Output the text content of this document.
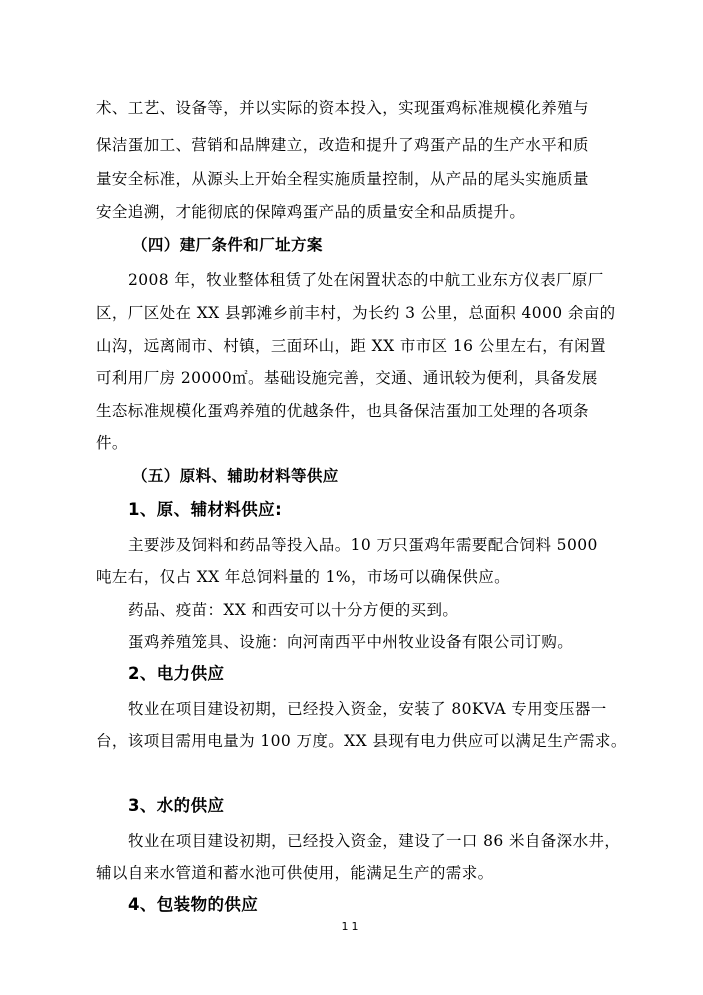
术、工艺、设备等，并以实际的资本投入，实现蛋鸡标准规模化养殖与
保洁蛋加工、营销和品牌建立，改造和提升了鸡蛋产品的生产水平和质
量安全标准，从源头上开始全程实施质量控制，从产品的尾头实施质量
安全追溯，才能彻底的保障鸡蛋产品的质量安全和品质提升。
（四）建厂条件和厂址方案
2008 年，牧业整体租赁了处在闲置状态的中航工业东方仪表厂原厂
区，厂区处在 XX 县郭滩乡前丰村，为长约 3 公里，总面积 4000 余亩的
山沟，远离闹市、村镇，三面环山，距 XX 市市区 16 公里左右，有闲置
可利用厂房 20000㎡。基础设施完善，交通、通讯较为便利，具备发展
生态标准规模化蛋鸡养殖的优越条件，也具备保洁蛋加工处理的各项条
件。
（五）原料、辅助材料等供应
1、原、辅材料供应:
主要涉及饲料和药品等投入品。10 万只蛋鸡年需要配合饲料 5000
吨左右，仅占 XX 年总饲料量的 1%，市场可以确保供应。
药品、疫苗：XX 和西安可以十分方便的买到。
蛋鸡养殖笼具、设施：向河南西平中州牧业设备有限公司订购。
2、电力供应
牧业在项目建设初期，已经投入资金，安装了 80KVA 专用变压器一
台，该项目需用电量为 100 万度。XX 县现有电力供应可以满足生产需求。
3、水的供应
牧业在项目建设初期，已经投入资金，建设了一口 86 米自备深水井，
辅以自来水管道和蓄水池可供使用，能满足生产的需求。
4、包装物的供应
11
